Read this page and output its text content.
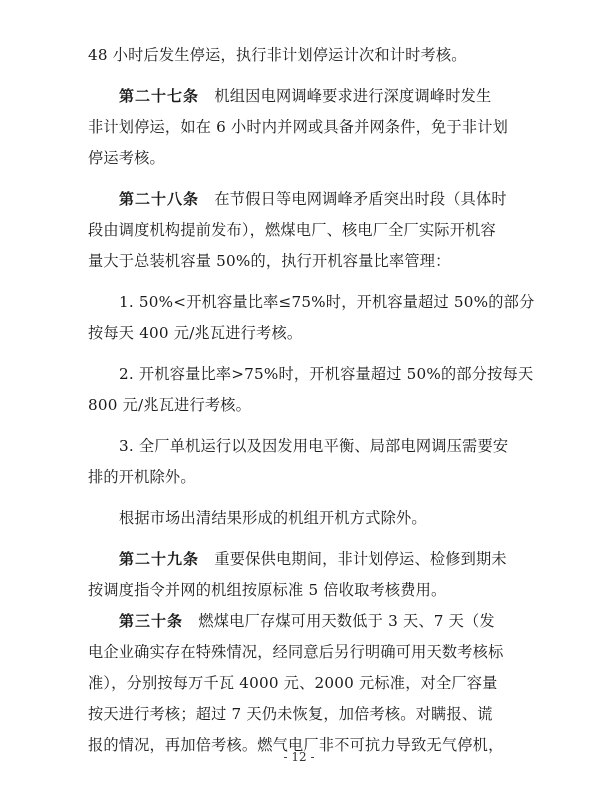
48 小时后发生停运，执行非计划停运计次和计时考核。
第二十七条　机组因电网调峰要求进行深度调峰时发生
非计划停运，如在 6 小时内并网或具备并网条件，免于非计划
停运考核。
第二十八条　在节假日等电网调峰矛盾突出时段（具体时
段由调度机构提前发布），燃煤电厂、核电厂全厂实际开机容
量大于总装机容量 50%的，执行开机容量比率管理：
1. 50%<开机容量比率≤75%时，开机容量超过 50%的部分
按每天 400 元/兆瓦进行考核。
2. 开机容量比率>75%时，开机容量超过 50%的部分按每天
800 元/兆瓦进行考核。
3. 全厂单机运行以及因发用电平衡、局部电网调压需要安
排的开机除外。
根据市场出清结果形成的机组开机方式除外。
第二十九条　重要保供电期间，非计划停运、检修到期未
按调度指令并网的机组按原标准 5 倍收取考核费用。
第三十条　燃煤电厂存煤可用天数低于 3 天、7 天（发
电企业确实存在特殊情况，经同意后另行明确可用天数考核标
准），分别按每万千瓦 4000 元、2000 元标准，对全厂容量
按天进行考核；超过 7 天仍未恢复，加倍考核。对瞒报、谎
报的情况，再加倍考核。燃气电厂非不可抗力导致无气停机，
- 12 -
